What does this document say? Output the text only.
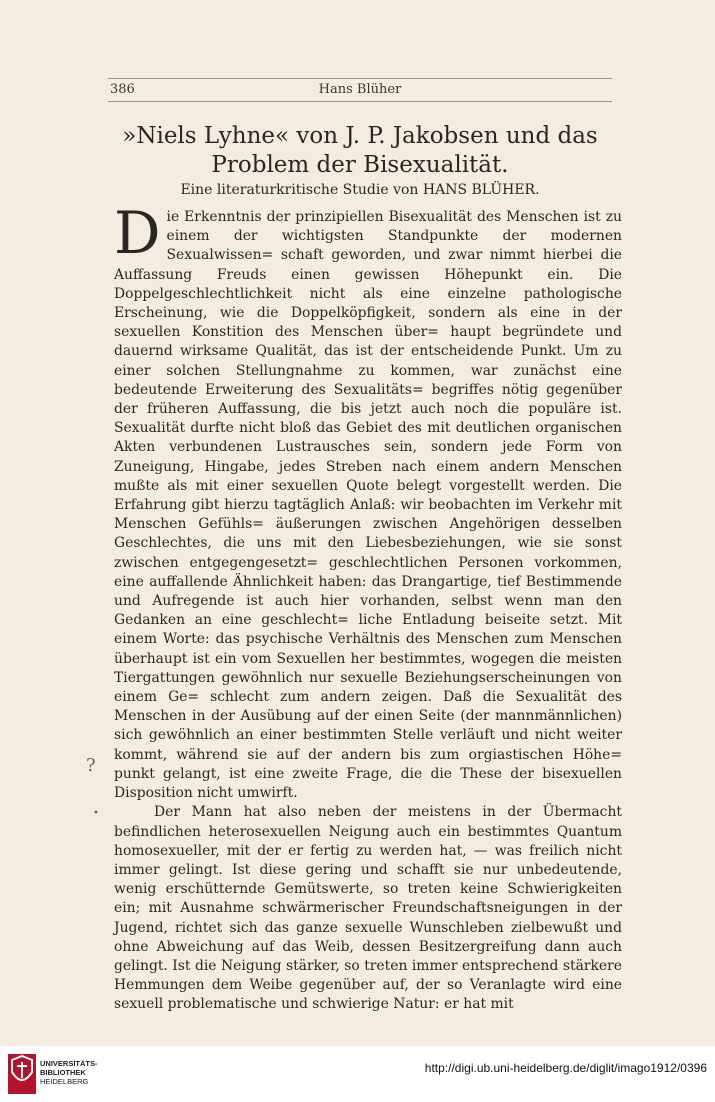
386	Hans Blüher
»Niels Lyhne« von J. P. Jakobsen und das
Problem der Bisexualität.
Eine literaturkritische Studie von HANS BLÜHER.

Die Erkenntnis der prinzipiellen Bisexualität des Menschen ist zu einem der wichtigsten Standpunkte der modernen Sexualwissen= schaft geworden, und zwar nimmt hierbei die Auffassung Freuds einen gewissen Höhepunkt ein. Die Doppelgeschlechtlichkeit nicht als eine einzelne pathologische Erscheinung, wie die Doppelköpfigkeit, sondern als eine in der sexuellen Konstition des Menschen über= haupt begründete und dauernd wirksame Qualität, das ist der entscheidende Punkt. Um zu einer solchen Stellungnahme zu kommen, war zunächst eine bedeutende Erweiterung des Sexualitäts= begriffes nötig gegenüber der früheren Auffassung, die bis jetzt auch noch die populäre ist. Sexualität durfte nicht bloß das Gebiet des mit deutlichen organischen Akten verbundenen Lustrausches sein, sondern jede Form von Zuneigung, Hingabe, jedes Streben nach einem andern Menschen mußte als mit einer sexuellen Quote belegt vorgestellt werden. Die Erfahrung gibt hierzu tagtäglich Anlaß: wir beobachten im Verkehr mit Menschen Gefühls= äußerungen zwischen Angehörigen desselben Geschlechtes, die uns mit den Liebesbeziehungen, wie sie sonst zwischen entgegengesetzt= geschlechtlichen Personen vorkommen, eine auffallende Ähnlichkeit haben: das Drangartige, tief Bestimmende und Aufregende ist auch hier vorhanden, selbst wenn man den Gedanken an eine geschlecht= liche Entladung beiseite setzt. Mit einem Worte: das psychische Verhältnis des Menschen zum Menschen überhaupt ist ein vom Sexuellen her bestimmtes, wogegen die meisten Tiergattungen gewöhnlich nur sexuelle Beziehungserscheinungen von einem Ge= schlecht zum andern zeigen. Daß die Sexualität des Menschen in der Ausübung auf der einen Seite (der mannmännlichen) sich gewöhnlich an einer bestimmten Stelle verläuft und nicht weiter kommt, während sie auf der andern bis zum orgiastischen Höhe= punkt gelangt, ist eine zweite Frage, die die These der bisexuellen Disposition nicht umwirft.

Der Mann hat also neben der meistens in der Übermacht befindlichen heterosexuellen Neigung auch ein bestimmtes Quantum homosexueller, mit der er fertig zu werden hat, — was freilich nicht immer gelingt. Ist diese gering und schafft sie nur unbedeutende, wenig erschütternde Gemütswerte, so treten keine Schwierigkeiten ein; mit Ausnahme schwärmerischer Freundschaftsneigungen in der Jugend, richtet sich das ganze sexuelle Wunschleben zielbewußt und ohne Abweichung auf das Weib, dessen Besitzergreifung dann auch gelingt. Ist die Neigung stärker, so treten immer entsprechend stärkere Hemmungen dem Weibe gegenüber auf, der so Veranlagte wird eine sexuell problematische und schwierige Natur: er hat mit

?
•
UNIVERSITÄTS-
BIBLIOTHEK
HEIDELBERG
http://digi.ub.uni-heidelberg.de/diglit/imago1912/0396
